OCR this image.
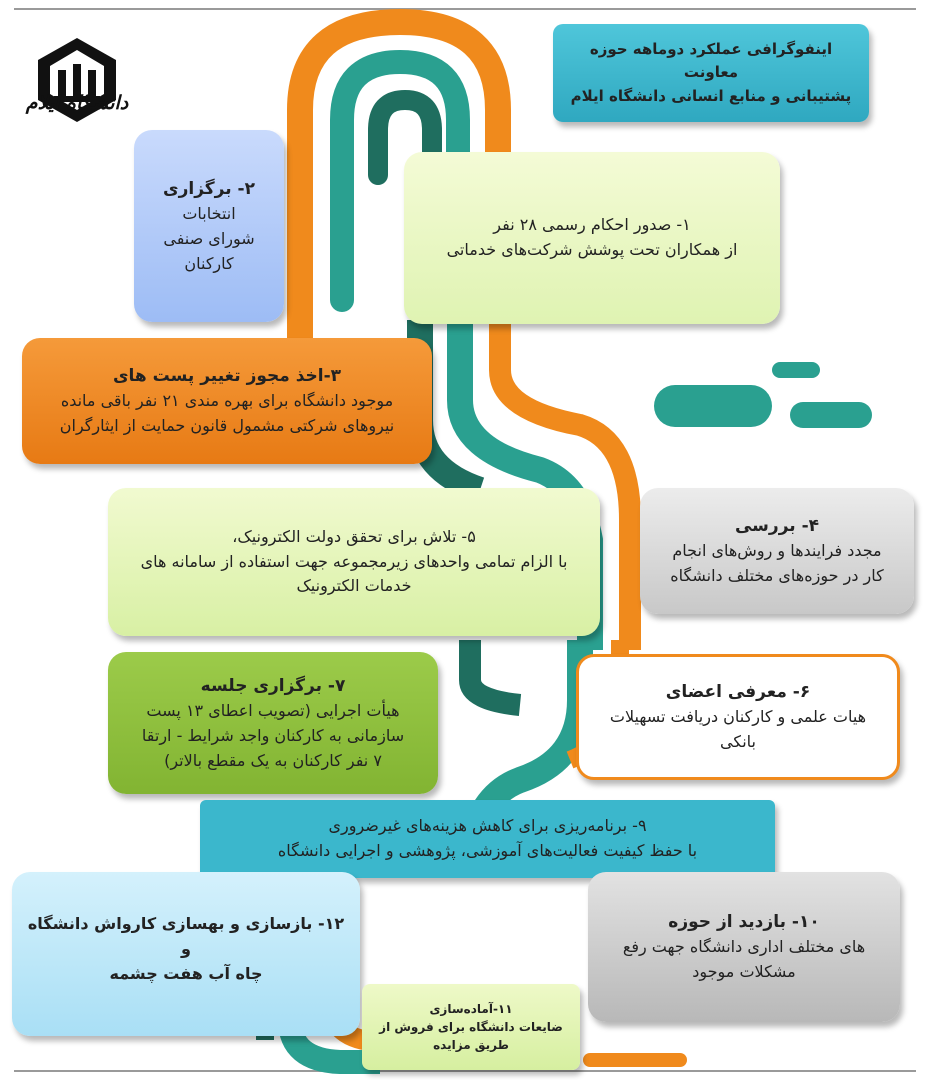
دانشگاه ایلام
اینفوگرافی عملکرد دوماهه حوزه معاونت
پشتیبانی و منابع انسانی دانشگاه ایلام
۱- صدور احکام رسمی ۲۸ نفر
از همکاران تحت پوشش شرکت‌های خدماتی
۲- برگزاری
انتخابات
شورای صنفی
کارکنان
۳-اخذ مجوز تغییر پست های
موجود دانشگاه برای بهره مندی ۲۱ نفر باقی مانده
نیروهای شرکتی مشمول قانون حمایت از ایثارگران
۴- بررسی
مجدد فرایندها و روش‌های انجام
کار در حوزه‌های مختلف دانشگاه
۵- تلاش برای تحقق دولت الکترونیک،
با الزام تمامی واحدهای زیرمجموعه جهت استفاده از سامانه های
خدمات الکترونیک
۶- معرفی اعضای
هیات علمی و کارکنان دریافت تسهیلات
بانکی
۷- برگزاری جلسه
هیأت اجرایی (تصویب اعطای ۱۳ پست
سازمانی به کارکنان واجد شرایط - ارتقا
۷ نفر کارکنان به یک مقطع بالاتر)
۹- برنامه‌ریزی برای کاهش هزینه‌های غیرضروری
با حفظ کیفیت فعالیت‌های آموزشی، پژوهشی و اجرایی دانشگاه
۱۰- بازدید از حوزه
های مختلف اداری دانشگاه جهت رفع
مشکلات موجود
۱۲- بازسازی و بهسازی کارواش دانشگاه و
چاه آب هفت چشمه
۱۱-آمادەسازی
ضایعات دانشگاه برای فروش از
طریق مزایده
